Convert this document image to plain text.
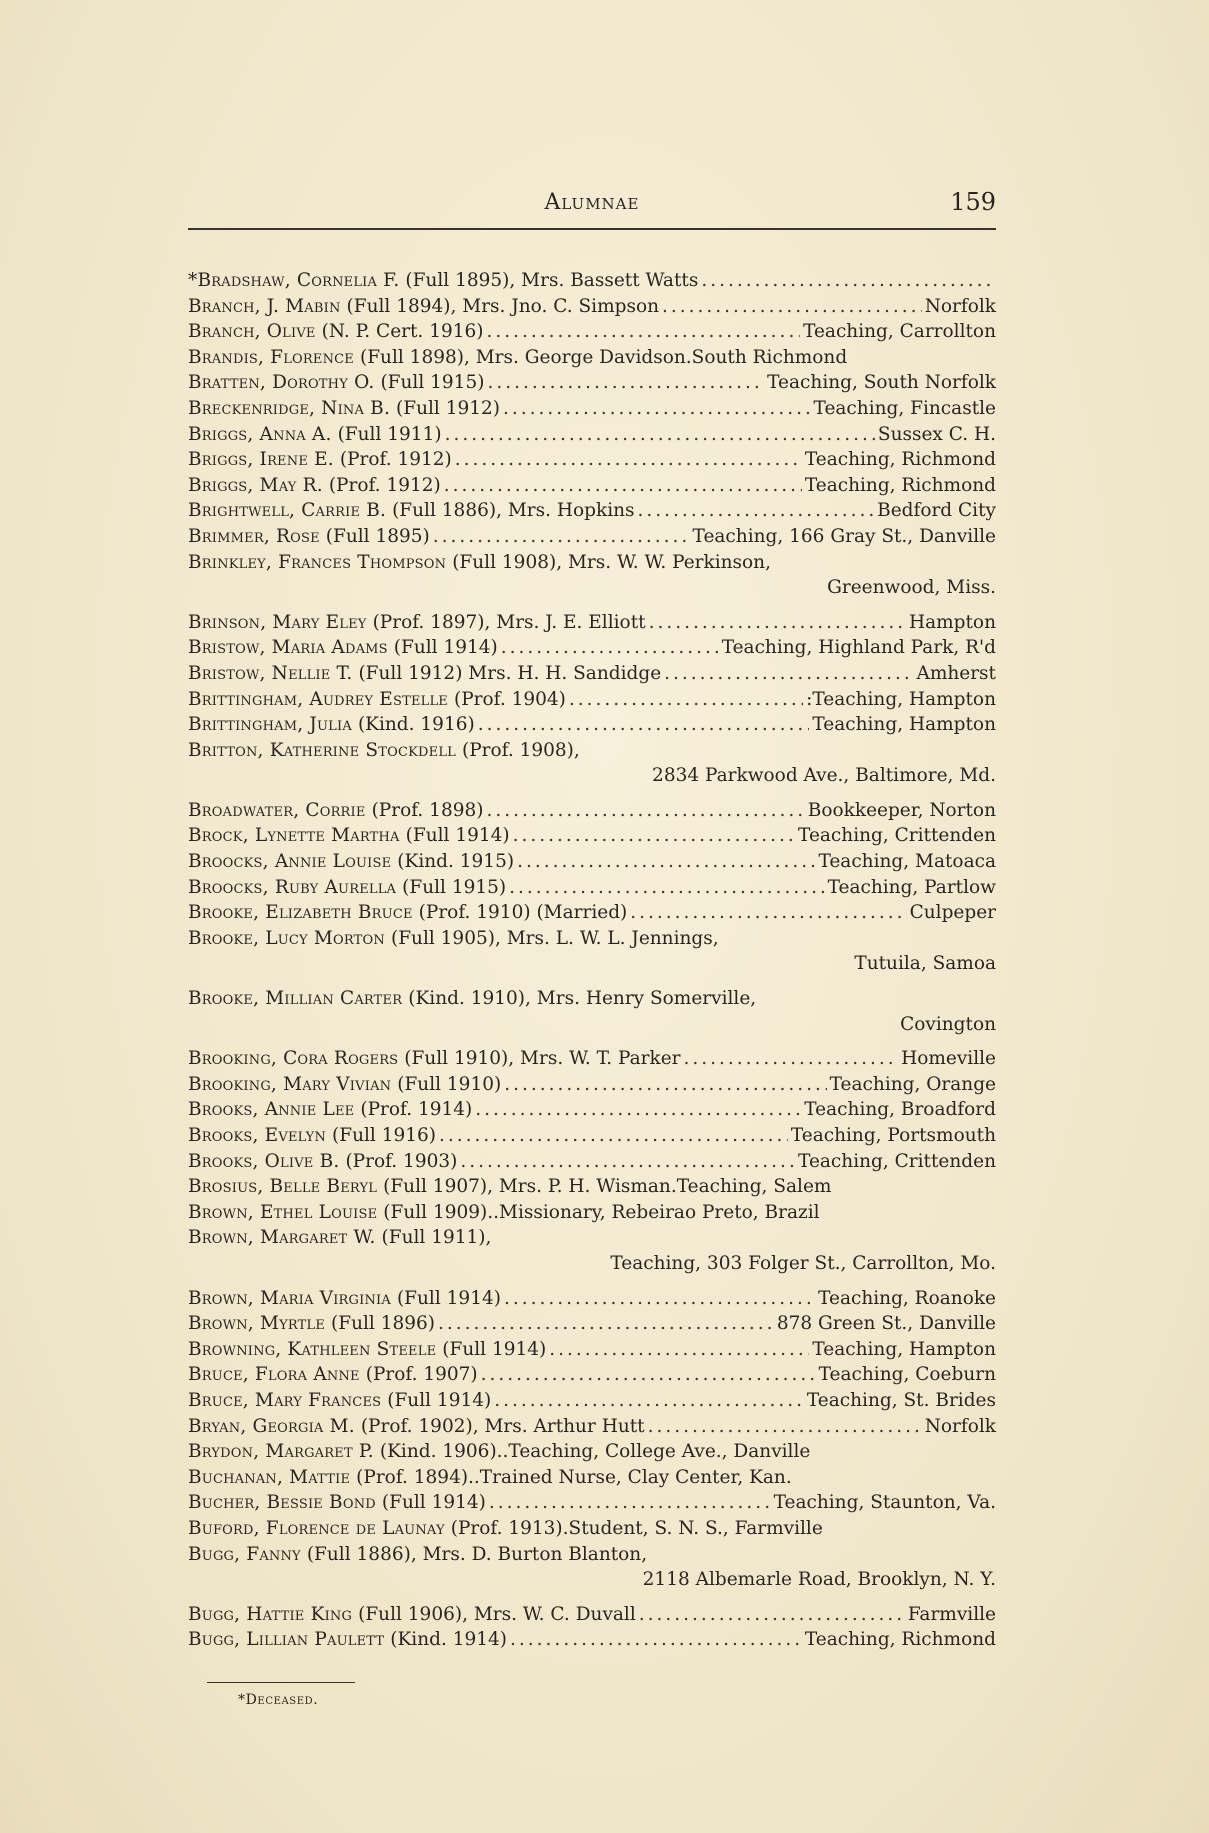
Alumnae	159
*Bradshaw, Cornelia F. (Full 1895), Mrs. Bassett Watts
.....
Branch, J. Mabin (Full 1894), Mrs. Jno. C. Simpson .....	Norfolk
Branch, Olive (N. P. Cert. 1916) .....	Teaching, Carrollton
Brandis, Florence (Full 1898), Mrs. George Davidson.South Richmond
Bratten, Dorothy O. (Full 1915) .....	Teaching, South Norfolk
Breckenridge, Nina B. (Full 1912) .....	Teaching, Fincastle
Briggs, Anna A. (Full 1911) .....	Sussex C. H.
Briggs, Irene E. (Prof. 1912) .....	Teaching, Richmond
Briggs, May R. (Prof. 1912) .....	Teaching, Richmond
Brightwell, Carrie B. (Full 1886), Mrs. Hopkins .....	Bedford City
Brimmer, Rose (Full 1895) .....	Teaching, 166 Gray St., Danville
Brinkley, Frances Thompson (Full 1908), Mrs. W. W. Perkinson,
Greenwood, Miss.
Brinson, Mary Eley (Prof. 1897), Mrs. J. E. Elliott .....	Hampton
Bristow, Maria Adams (Full 1914) .....	Teaching, Highland Park, R'd
Bristow, Nellie T. (Full 1912) Mrs. H. H. Sandidge .....	Amherst
Brittingham, Audrey Estelle (Prof. 1904) .....	:Teaching, Hampton
Brittingham, Julia (Kind. 1916) .....	Teaching, Hampton
Britton, Katherine Stockdell (Prof. 1908),
2834 Parkwood Ave., Baltimore, Md.
Broadwater, Corrie (Prof. 1898) .....	Bookkeeper, Norton
Brock, Lynette Martha (Full 1914) .....	Teaching, Crittenden
Broocks, Annie Louise (Kind. 1915) .....	Teaching, Matoaca
Broocks, Ruby Aurella (Full 1915) .....	Teaching, Partlow
Brooke, Elizabeth Bruce (Prof. 1910) (Married) .....	Culpeper
Brooke, Lucy Morton (Full 1905), Mrs. L. W. L. Jennings,
Tutuila, Samoa
Brooke, Millian Carter (Kind. 1910), Mrs. Henry Somerville,
Covington
Brooking, Cora Rogers (Full 1910), Mrs. W. T. Parker .....	Homeville
Brooking, Mary Vivian (Full 1910) .....	Teaching, Orange
Brooks, Annie Lee (Prof. 1914) .....	Teaching, Broadford
Brooks, Evelyn (Full 1916) .....	Teaching, Portsmouth
Brooks, Olive B. (Prof. 1903) .....	Teaching, Crittenden
Brosius, Belle Beryl (Full 1907), Mrs. P. H. Wisman.Teaching, Salem
Brown, Ethel Louise (Full 1909)..Missionary, Rebeirao Preto, Brazil
Brown, Margaret W. (Full 1911),
Teaching, 303 Folger St., Carrollton, Mo.
Brown, Maria Virginia (Full 1914) .....	Teaching, Roanoke
Brown, Myrtle (Full 1896) .....	878 Green St., Danville
Browning, Kathleen Steele (Full 1914) .....	Teaching, Hampton
Bruce, Flora Anne (Prof. 1907) .....	Teaching, Coeburn
Bruce, Mary Frances (Full 1914) .....	Teaching, St. Brides
Bryan, Georgia M. (Prof. 1902), Mrs. Arthur Hutt .....	Norfolk
Brydon, Margaret P. (Kind. 1906)..Teaching, College Ave., Danville
Buchanan, Mattie (Prof. 1894)..Trained Nurse, Clay Center, Kan.
Bucher, Bessie Bond (Full 1914) .....	Teaching, Staunton, Va.
Buford, Florence de Launay (Prof. 1913).Student, S. N. S., Farmville
Bugg, Fanny (Full 1886), Mrs. D. Burton Blanton,
2118 Albemarle Road, Brooklyn, N. Y.
Bugg, Hattie King (Full 1906), Mrs. W. C. Duvall .....	Farmville
Bugg, Lillian Paulett (Kind. 1914) .....	Teaching, Richmond
*Deceased.
